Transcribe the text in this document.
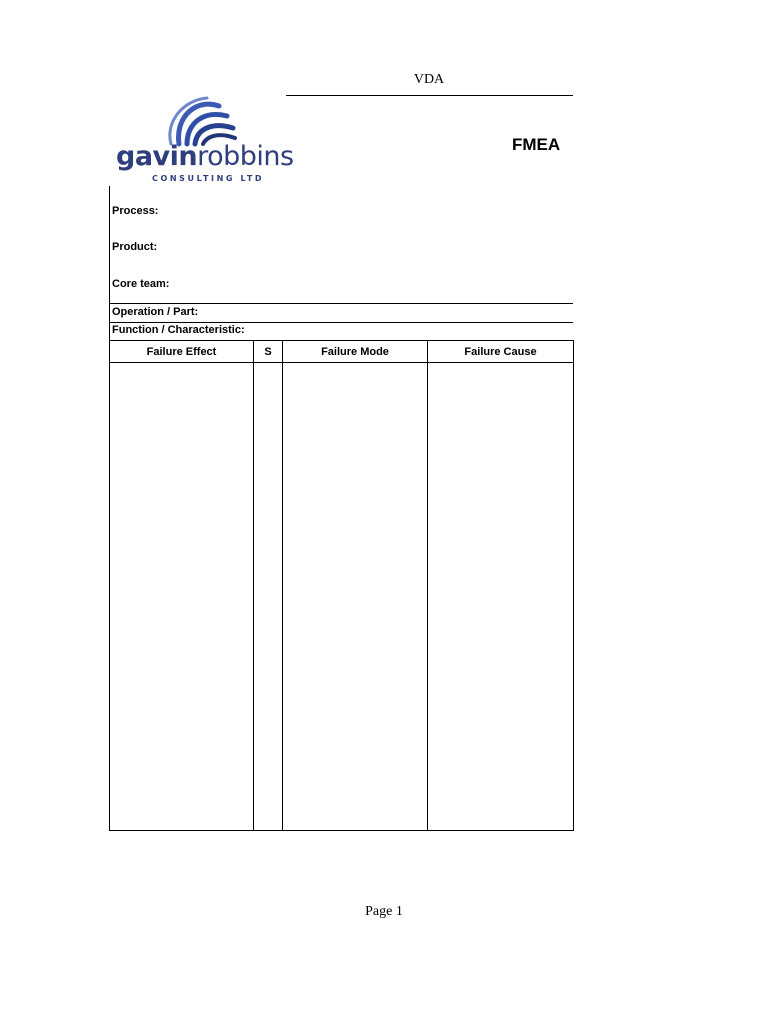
VDA
gavinrobbins
CONSULTING LTD
FMEA
Process:
Product:
Core team:
Operation / Part:
Function / Characteristic:
Failure Effect	S	Failure Mode	Failure Cause

Page 1
